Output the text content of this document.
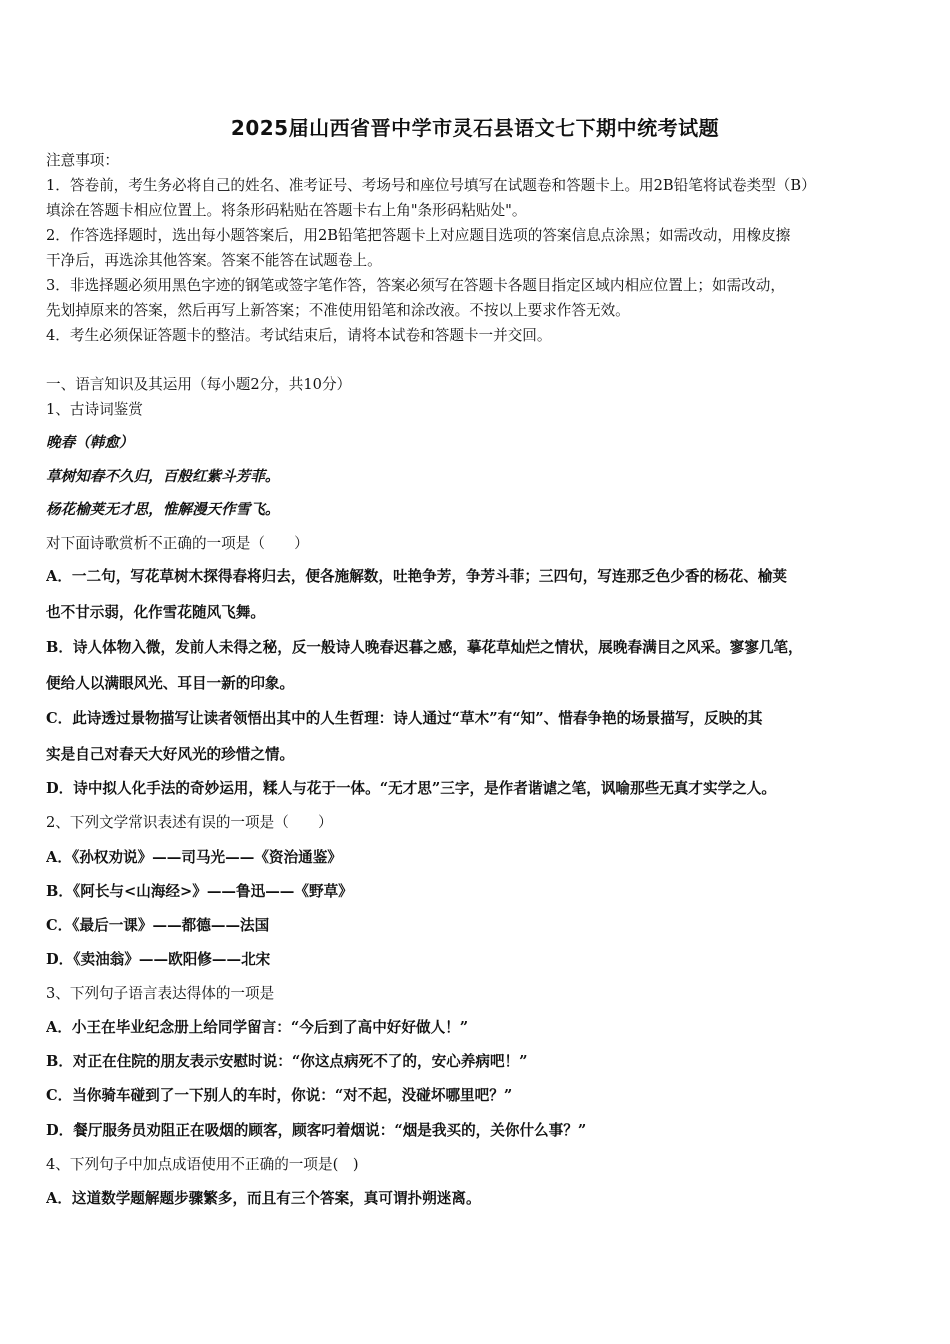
2025届山西省晋中学市灵石县语文七下期中统考试题
注意事项：
1．答卷前，考生务必将自己的姓名、准考证号、考场号和座位号填写在试题卷和答题卡上。用2B铅笔将试卷类型（B）
填涂在答题卡相应位置上。将条形码粘贴在答题卡右上角"条形码粘贴处"。
2．作答选择题时，选出每小题答案后，用2B铅笔把答题卡上对应题目选项的答案信息点涂黑；如需改动，用橡皮擦
干净后，再选涂其他答案。答案不能答在试题卷上。
3．非选择题必须用黑色字迹的钢笔或签字笔作答，答案必须写在答题卡各题目指定区域内相应位置上；如需改动，
先划掉原来的答案，然后再写上新答案；不准使用铅笔和涂改液。不按以上要求作答无效。
4．考生必须保证答题卡的整洁。考试结束后，请将本试卷和答题卡一并交回。
一、语言知识及其运用（每小题2分，共10分）
1、古诗词鉴赏
晚春（韩愈）
草树知春不久归，百般红紫斗芳菲。
杨花榆荚无才思，惟解漫天作雪飞。
对下面诗歌赏析不正确的一项是（　　）
A．一二句，写花草树木探得春将归去，便各施解数，吐艳争芳，争芳斗菲；三四句，写连那乏色少香的杨花、榆荚
也不甘示弱，化作雪花随风飞舞。
B．诗人体物入微，发前人未得之秘，反一般诗人晚春迟暮之感，摹花草灿烂之情状，展晚春满目之风采。寥寥几笔，
便给人以满眼风光、耳目一新的印象。
C．此诗透过景物描写让读者领悟出其中的人生哲理：诗人通过“草木”有“知”、惜春争艳的场景描写，反映的其
实是自己对春天大好风光的珍惜之情。
D．诗中拟人化手法的奇妙运用，糅人与花于一体。“无才思”三字，是作者谐谑之笔，讽喻那些无真才实学之人。
2、下列文学常识表述有误的一项是（　　）
A．《孙权劝说》——司马光——《资治通鉴》
B．《阿长与<山海经>》——鲁迅——《野草》
C．《最后一课》——都德——法国
D．《卖油翁》——欧阳修——北宋
3、下列句子语言表达得体的一项是
A．小王在毕业纪念册上给同学留言：“今后到了高中好好做人！”
B．对正在住院的朋友表示安慰时说：“你这点病死不了的，安心养病吧！”
C．当你骑车碰到了一下别人的车时，你说：“对不起，没碰坏哪里吧？”
D．餐厅服务员劝阻正在吸烟的顾客，顾客叼着烟说：“烟是我买的，关你什么事？”
4、下列句子中加点成语使用不正确的一项是(　)
A．这道数学题解题步骤繁多，而且有三个答案，真可谓扑朔迷离。
